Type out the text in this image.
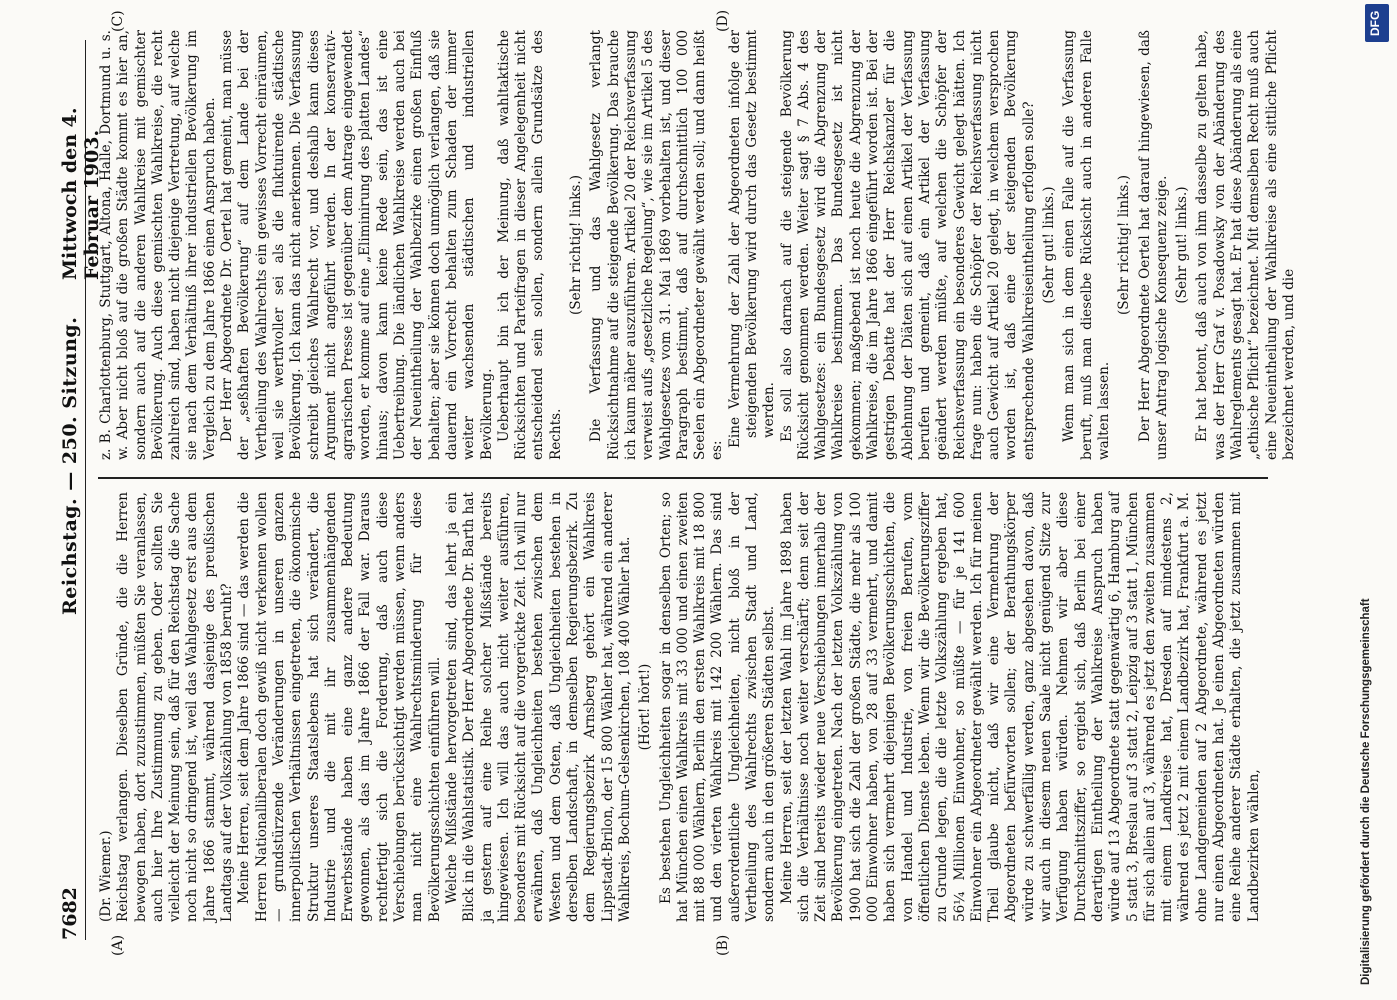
7682
Reichstag. — 250. Sitzung.
Mittwoch den 4. Februar 1903.
(A)	(B)
(C)	(D)

(Dr. Wiemer.) Reichstag verlangen. Dieselben Gründe, die die Herren bewogen haben, dort zuzustimmen, müßten Sie veranlassen, auch hier Ihre Zustimmung zu geben. Oder sollten Sie vielleicht der Meinung sein, daß für den Reichstag die Sache noch nicht so dringend ist, weil das Wahlgesetz erst aus dem Jahre 1866 stammt, während dasjenige des preußischen Landtags auf der Volkszählung von 1858 beruht? Meine Herren, seit dem Jahre 1866 sind — das werden die Herren Nationalliberalen doch gewiß nicht verkennen wollen — grundstürzende Veränderungen in unseren ganzen innerpolitischen Verhältnissen eingetreten, die ökonomische Struktur unseres Staatslebens hat sich verändert, die Industrie und die mit ihr zusammenhängenden Erwerbsstände haben eine ganz andere Bedeutung gewonnen, als das im Jahre 1866 der Fall war. Daraus rechtfertigt sich die Forderung, daß auch diese Verschiebungen berücksichtigt werden müssen, wenn anders man nicht eine Wahlrechtsminderung für diese Bevölkerungsschichten einführen will. Welche Mißstände hervorgetreten sind, das lehrt ja ein Blick in die Wahlstatistik. Der Herr Abgeordnete Dr. Barth hat ja gestern auf eine Reihe solcher Mißstände bereits hingewiesen. Ich will das auch nicht weiter ausführen, besonders mit Rücksicht auf die vorgerückte Zeit. Ich will nur erwähnen, daß Ungleichheiten bestehen zwischen dem Westen und dem Osten, daß Ungleichheiten bestehen in derselben Landschaft, in demselben Regierungsbezirk. Zu dem Regierungsbezirk Arnsberg gehört ein Wahlkreis Lippstadt-Brilon, der 15 800 Wähler hat, während ein anderer Wahlkreis, Bochum-Gelsenkirchen, 108 400 Wähler hat. (Hört! hört!) Es bestehen Ungleichheiten sogar in denselben Orten; so hat München einen Wahlkreis mit 33 000 und einen zweiten mit 88 000 Wählern, Berlin den ersten Wahlkreis mit 18 800 und den vierten Wahlkreis mit 142 200 Wählern. Das sind außerordentliche Ungleichheiten, nicht bloß in der Vertheilung des Wahlrechts zwischen Stadt und Land, sondern auch in den größeren Städten selbst. Meine Herren, seit der letzten Wahl im Jahre 1898 haben sich die Verhältnisse noch weiter verschärft; denn seit der Zeit sind bereits wieder neue Verschiebungen innerhalb der Bevölkerung eingetreten. Nach der letzten Volkszählung von 1900 hat sich die Zahl der großen Städte, die mehr als 100 000 Einwohner haben, von 28 auf 33 vermehrt, und damit haben sich vermehrt diejenigen Bevölkerungsschichten, die von Handel und Industrie, von freien Berufen, vom öffentlichen Dienste leben. Wenn wir die Bevölkerungsziffer zu Grunde legen, die die letzte Volkszählung ergeben hat, 56¼ Millionen Einwohner, so müßte — für je 141 600 Einwohner ein Abgeordneter gewählt werden. Ich für meinen Theil glaube nicht, daß wir eine Vermehrung der Abgeordneten befürworten sollen; der Berathungskörper würde zu schwerfällig werden, ganz abgesehen davon, daß wir auch in diesem neuen Saale nicht genügend Sitze zur Verfügung haben würden. Nehmen wir aber diese Durchschnittsziffer, so ergiebt sich, daß Berlin bei einer derartigen Eintheilung der Wahlkreise Anspruch haben würde auf 13 Abgeordnete statt gegenwärtig 6, Hamburg auf 5 statt 3, Breslau auf 3 statt 2, Leipzig auf 3 statt 1, München für sich allein auf 3, während es jetzt den zweiten zusammen mit einem Landkreise hat, Dresden auf mindestens 2, während es jetzt 2 mit einem Landbezirk hat, Frankfurt a. M. ohne Landgemeinden auf 2 Abgeordnete, während es jetzt nur einen Abgeordneten hat. Je einen Abgeordneten würden eine Reihe anderer Städte erhalten, die jetzt zusammen mit Landbezirken wählen,

z. B. Charlottenburg, Stuttgart, Altona, Halle, Dortmund u. s. w. Aber nicht bloß auf die großen Städte kommt es hier an, sondern auch auf die anderen Wahlkreise mit gemischter Bevölkerung. Auch diese gemischten Wahlkreise, die recht zahlreich sind, haben nicht diejenige Vertretung, auf welche sie nach dem Verhältniß ihrer industriellen Bevölkerung im Vergleich zu dem Jahre 1866 einen Anspruch haben. Der Herr Abgeordnete Dr. Oertel hat gemeint, man müsse der „seßhaften Bevölkerung“ auf dem Lande bei der Vertheilung des Wahlrechts ein gewisses Vorrecht einräumen, weil sie werthvoller sei als die fluktuirende städtische Bevölkerung. Ich kann das nicht anerkennen. Die Verfassung schreibt gleiches Wahlrecht vor, und deshalb kann dieses Argument nicht angeführt werden. In der konservativ-agrarischen Presse ist gegenüber dem Antrage eingewendet worden, er komme auf eine „Eliminirung des platten Landes“ hinaus; davon kann keine Rede sein, das ist eine Uebertreibung. Die ländlichen Wahlkreise werden auch bei der Neueintheilung der Wahlbezirke einen großen Einfluß behalten; aber sie können doch unmöglich verlangen, daß sie dauernd ein Vorrecht behalten zum Schaden der immer weiter wachsenden städtischen und industriellen Bevölkerung. Ueberhaupt bin ich der Meinung, daß wahltaktische Rücksichten und Parteifragen in dieser Angelegenheit nicht entscheidend sein sollen, sondern allein Grundsätze des Rechts.

(Sehr richtig! links.) Die Verfassung und das Wahlgesetz verlangt Rücksichtnahme auf die steigende Bevölkerung. Das brauche ich kaum näher auszuführen. Artikel 20 der Reichsverfassung verweist aufs „gesetzliche Regelung“, wie sie im Artikel 5 des Wahlgesetzes vom 31. Mai 1869 vorbehalten ist, und dieser Paragraph bestimmt, daß auf durchschnittlich 100 000 Seelen ein Abgeordneter gewählt werden soll; und dann heißt es:

Eine Vermehrung der Zahl der Abgeordneten infolge der steigenden Bevölkerung wird durch das Gesetz bestimmt werden. Es soll also darnach auf die steigende Bevölkerung Rücksicht genommen werden. Weiter sagt § 7 Abs. 4 des Wahlgesetzes: ein Bundesgesetz wird die Abgrenzung der Wahlkreise bestimmen. Das Bundesgesetz ist nicht gekommen; maßgebend ist noch heute die Abgrenzung der Wahlkreise, die im Jahre 1866 eingeführt worden ist. Bei der gestrigen Debatte hat der Herr Reichskanzler für die Ablehnung der Diäten sich auf einen Artikel der Verfassung berufen und gemeint, daß ein Artikel der Verfassung geändert werden müßte, auf welchen die Schöpfer der Reichsverfassung ein besonderes Gewicht gelegt hätten. Ich frage nun: haben die Schöpfer der Reichsverfassung nicht auch Gewicht auf Artikel 20 gelegt, in welchem versprochen worden ist, daß eine der steigenden Bevölkerung entsprechende Wahlkreiseintheilung erfolgen solle? (Sehr gut! links.) Wenn man sich in dem einen Falle auf die Verfassung beruft, muß man dieselbe Rücksicht auch in anderen Falle walten lassen.

(Sehr richtig! links.) Der Herr Abgeordnete Oertel hat darauf hingewiesen, daß unser Antrag logische Konsequenz zeige. (Sehr gut! links.) Er hat betont, daß auch von ihm dasselbe zu gelten habe, was der Herr Graf v. Posadowsky von der Abänderung des Wahlreglements gesagt hat. Er hat diese Abänderung als eine „ethische Pflicht“ bezeichnet. Mit demselben Recht muß auch eine Neueintheilung der Wahlkreise als eine sittliche Pflicht bezeichnet werden, und die

Digitalisierung gefördert durch die Deutsche Forschungsgemeinschaft
DFG
